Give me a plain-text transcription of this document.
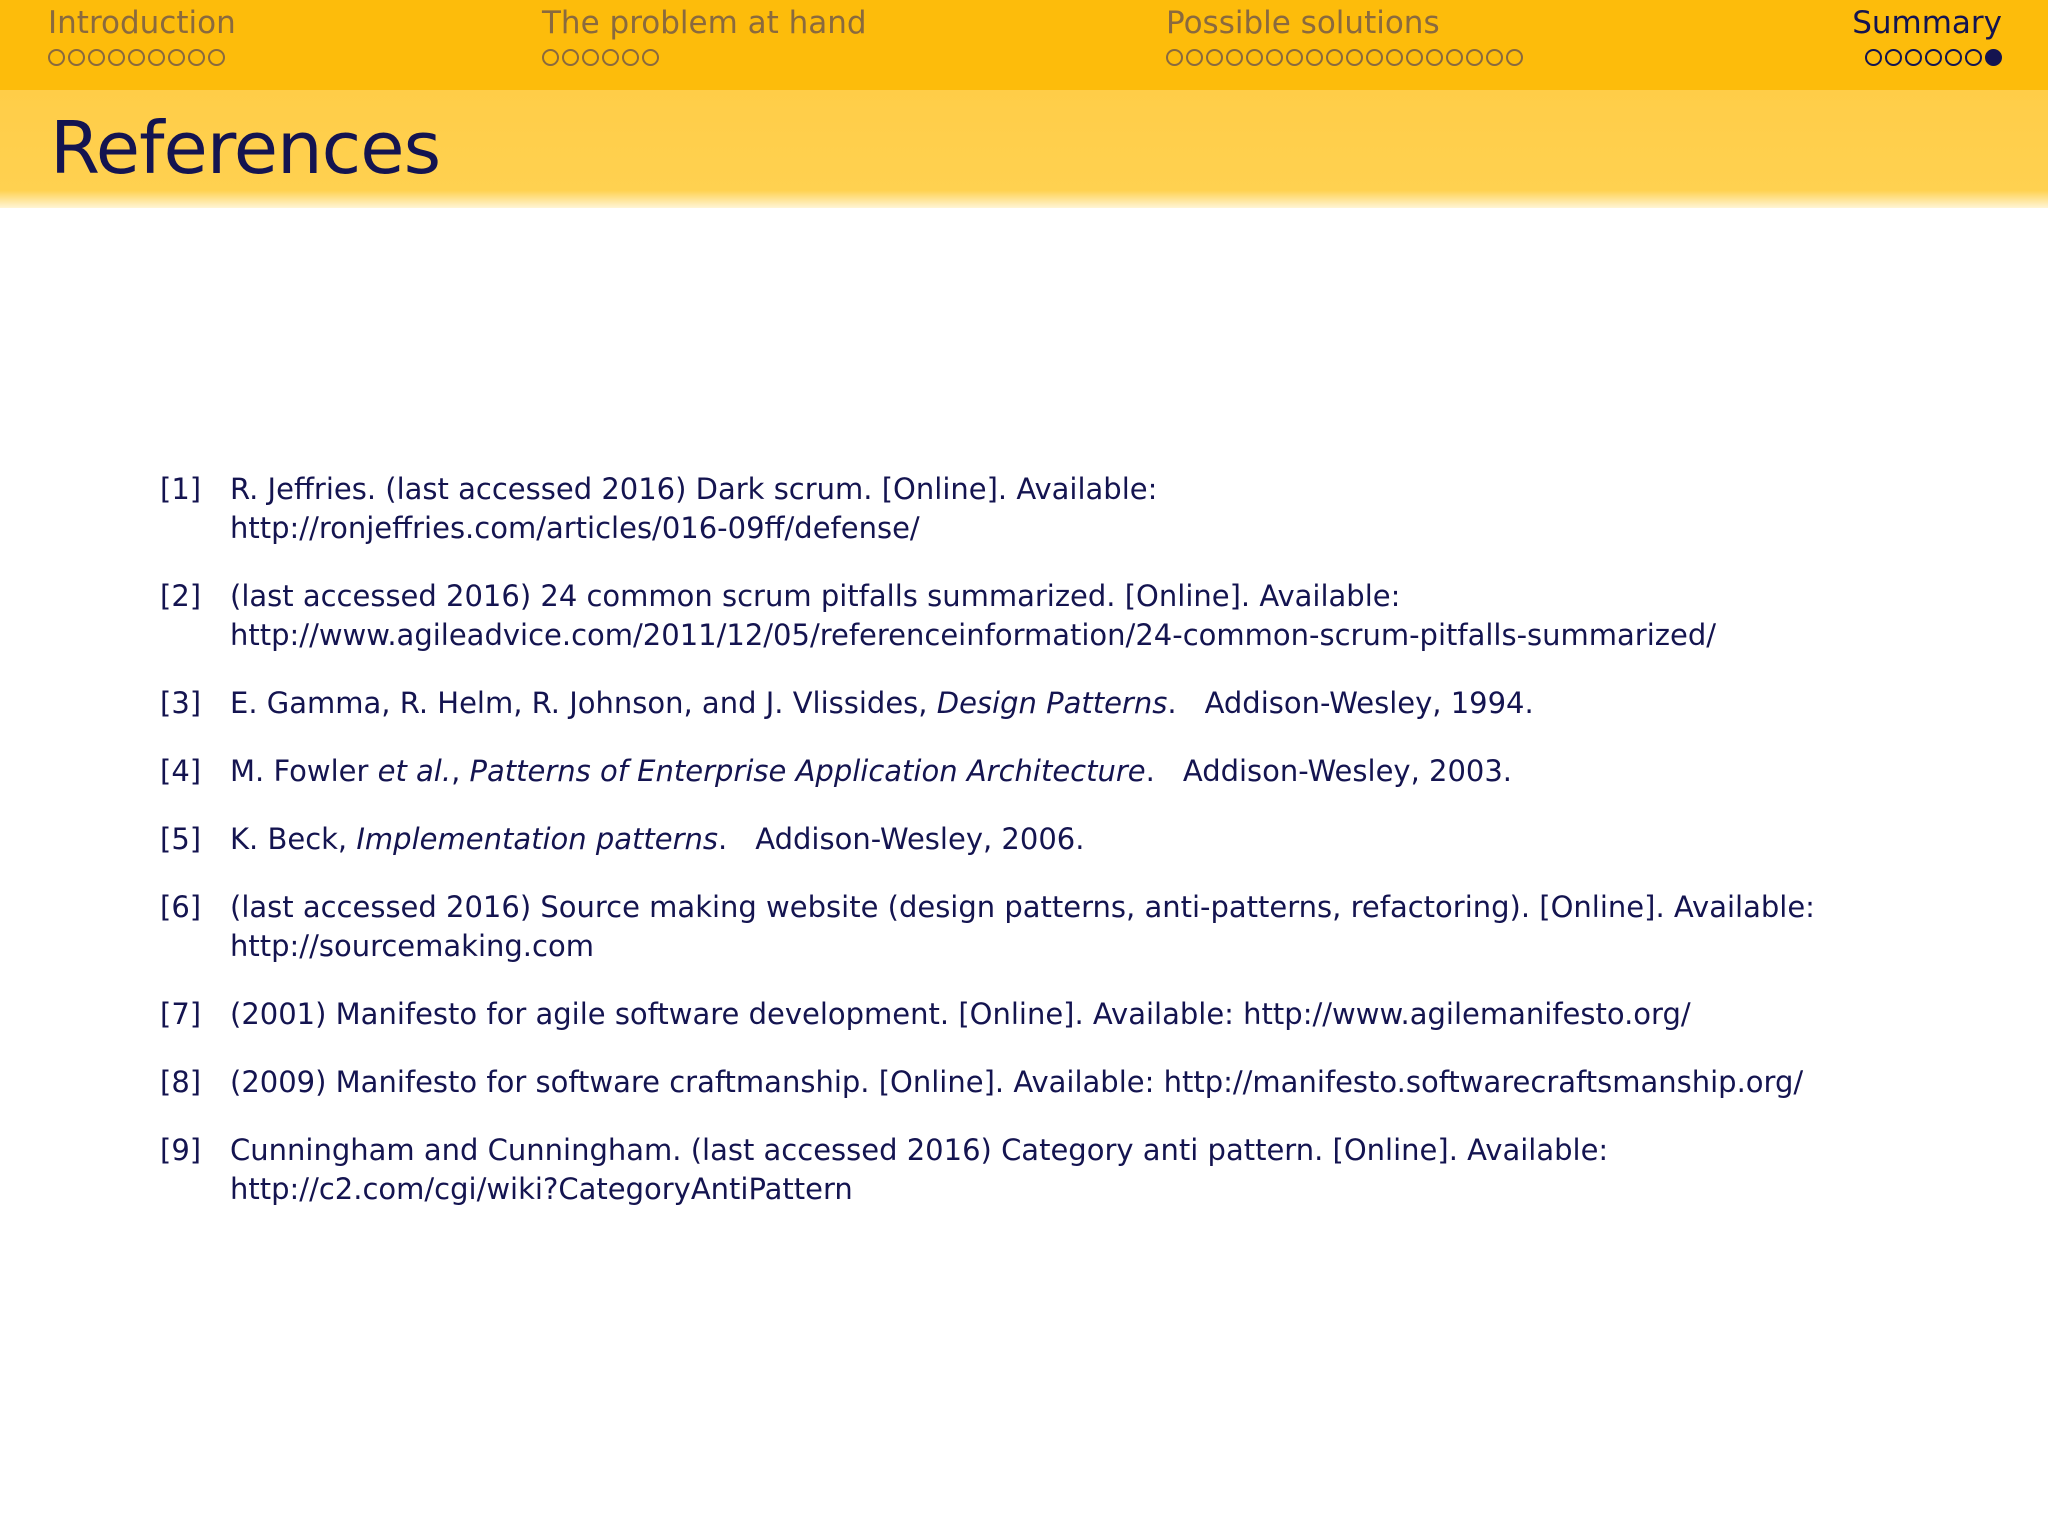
Introduction	The problem at hand	Possible solutions	Summary
References
[1] R. Jeffries. (last accessed 2016) Dark scrum. [Online]. Available:
http://ronjeffries.com/articles/016-09ff/defense/
[2] (last accessed 2016) 24 common scrum pitfalls summarized. [Online]. Available:
http://www.agileadvice.com/2011/12/05/referenceinformation/24-common-scrum-pitfalls-summarized/
[3] E. Gamma, R. Helm, R. Johnson, and J. Vlissides, Design Patterns. Addison-Wesley, 1994.
[4] M. Fowler et al., Patterns of Enterprise Application Architecture. Addison-Wesley, 2003.
[5] K. Beck, Implementation patterns. Addison-Wesley, 2006.
[6] (last accessed 2016) Source making website (design patterns, anti-patterns, refactoring). [Online]. Available:
http://sourcemaking.com
[7] (2001) Manifesto for agile software development. [Online]. Available: http://www.agilemanifesto.org/
[8] (2009) Manifesto for software craftmanship. [Online]. Available: http://manifesto.softwarecraftsmanship.org/
[9] Cunningham and Cunningham. (last accessed 2016) Category anti pattern. [Online]. Available:
http://c2.com/cgi/wiki?CategoryAntiPattern
